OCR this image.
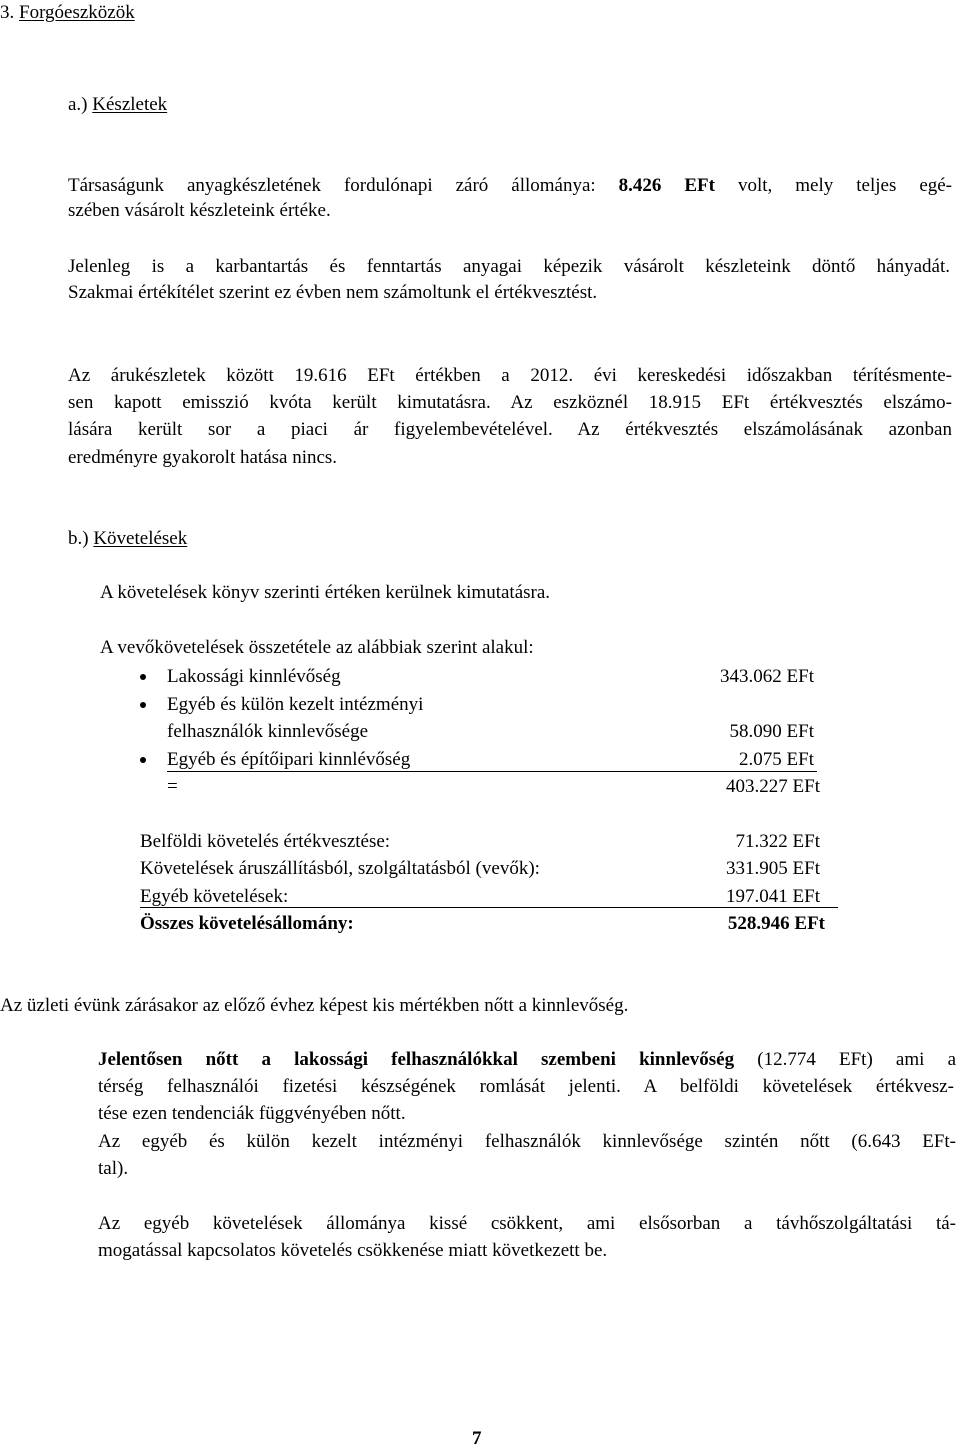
3. Forgóeszközök
a.) Készletek
Társaságunk anyagkészletének fordulónapi záró állománya: 8.426 EFt volt, mely teljes egé-
szében vásárolt készleteink értéke.
Jelenleg is a karbantartás és fenntartás anyagai képezik vásárolt készleteink döntő hányadát.
Szakmai értékítélet szerint ez évben nem számoltunk el értékvesztést.
Az árukészletek között 19.616 EFt értékben a 2012. évi kereskedési időszakban térítésmente-
sen kapott emisszió kvóta került kimutatásra. Az eszköznél 18.915 EFt értékvesztés elszámo-
lására került sor a piaci ár figyelembevételével. Az értékvesztés elszámolásának azonban
eredményre gyakorolt hatása nincs.
b.) Követelések
A követelések könyv szerinti értéken kerülnek kimutatásra.
A vevőkövetelések összetétele az alábbiak szerint alakul:
Lakossági kinnlévőség	343.062 EFt
Egyéb és külön kezelt intézményi
felhasználók kinnlevősége	58.090 EFt
Egyéb és építőipari kinnlévőség	2.075 EFt
=	403.227 EFt
Belföldi követelés értékvesztése:	71.322 EFt
Követelések áruszállításból, szolgáltatásból (vevők):	331.905 EFt
Egyéb követelések:	197.041 EFt
Összes követelésállomány:	528.946 EFt
Az üzleti évünk zárásakor az előző évhez képest kis mértékben nőtt a kinnlevőség.
Jelentősen nőtt a lakossági felhasználókkal szembeni kinnlevőség (12.774 EFt) ami a
térség felhasználói fizetési készségének romlását jelenti. A belföldi követelések értékvesz-
tése ezen tendenciák függvényében nőtt.
Az egyéb és külön kezelt intézményi felhasználók kinnlevősége szintén nőtt (6.643 EFt-
tal).
Az egyéb követelések állománya kissé csökkent, ami elsősorban a távhőszolgáltatási tá-
mogatással kapcsolatos követelés csökkenése miatt következett be.
7
